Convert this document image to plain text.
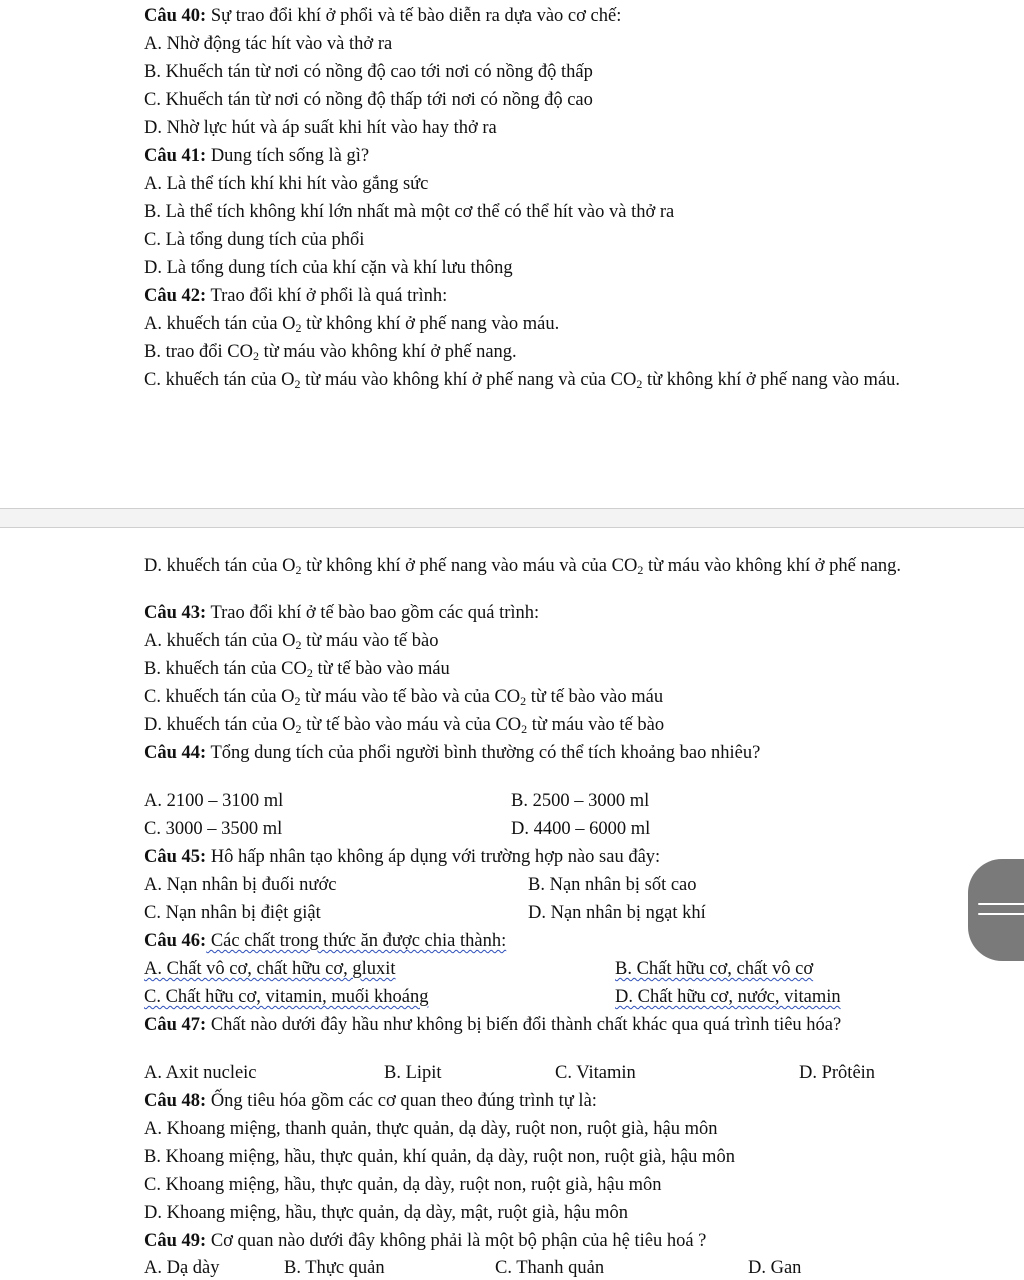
Câu 40: Sự trao đổi khí ở phổi và tế bào diễn ra dựa vào cơ chế:
A. Nhờ động tác hít vào và thở ra
B. Khuếch tán từ nơi có nồng độ cao tới nơi có nồng độ thấp
C. Khuếch tán từ nơi có nồng độ thấp tới nơi có nồng độ cao
D. Nhờ lực hút và áp suất khi hít vào hay thở ra
Câu 41: Dung tích sống là gì?
A. Là thể tích khí khi hít vào gắng sức
B. Là thể tích không khí lớn nhất mà một cơ thể có thể hít vào và thở ra
C. Là tổng dung tích của phổi
D. Là tổng dung tích của khí cặn và khí lưu thông
Câu 42: Trao đổi khí ở phổi là quá trình:
A. khuếch tán của $O_2$ từ không khí ở phế nang vào máu.
B. trao đổi $CO_2$ từ máu vào không khí ở phế nang.
C. khuếch tán của $O_2$ từ máu vào không khí ở phế nang và của $CO_2$ từ không khí ở phế nang vào máu.
D. khuếch tán của $O_2$ từ không khí ở phế nang vào máu và của $CO_2$ từ máu vào không khí ở phế nang.
Câu 43: Trao đổi khí ở tế bào bao gồm các quá trình:
A. khuếch tán của $O_2$ từ máu vào tế bào
B. khuếch tán của $CO_2$ từ tế bào vào máu
C. khuếch tán của $O_2$ từ máu vào tế bào và của $CO_2$ từ tế bào vào máu
D. khuếch tán của $O_2$ từ tế bào vào máu và của $CO_2$ từ máu vào tế bào
Câu 44: Tổng dung tích của phổi người bình thường có thể tích khoảng bao nhiêu?
A. 2100 – 3100 ml	B. 2500 – 3000 ml
C. 3000 – 3500 ml	D. 4400 – 6000 ml
Câu 45: Hô hấp nhân tạo không áp dụng với trường hợp nào sau đây:
A. Nạn nhân bị đuối nước	B. Nạn nhân bị sốt cao
C. Nạn nhân bị điệt giật	D. Nạn nhân bị ngạt khí
Câu 46: Các chất trong thức ăn được chia thành:
A. Chất vô cơ, chất hữu cơ, gluxit	B. Chất hữu cơ, chất vô cơ
C. Chất hữu cơ, vitamin, muối khoáng	D. Chất hữu cơ, nước, vitamin
Câu 47: Chất nào dưới đây hầu như không bị biến đổi thành chất khác qua quá trình tiêu hóa?
A. Axit nucleic	B. Lipit	C. Vitamin	D. Prôtêin
Câu 48: Ống tiêu hóa gồm các cơ quan theo đúng trình tự là:
A. Khoang miệng, thanh quản, thực quản, dạ dày, ruột non, ruột già, hậu môn
B. Khoang miệng, hầu, thực quản, khí quản, dạ dày, ruột non, ruột già, hậu môn
C. Khoang miệng, hầu, thực quản, dạ dày, ruột non, ruột già, hậu môn
D. Khoang miệng, hầu, thực quản, dạ dày, mật, ruột già, hậu môn
Câu 49: Cơ quan nào dưới đây không phải là một bộ phận của hệ tiêu hoá ?
A. Dạ dày	B. Thực quản	C. Thanh quản	D. Gan
